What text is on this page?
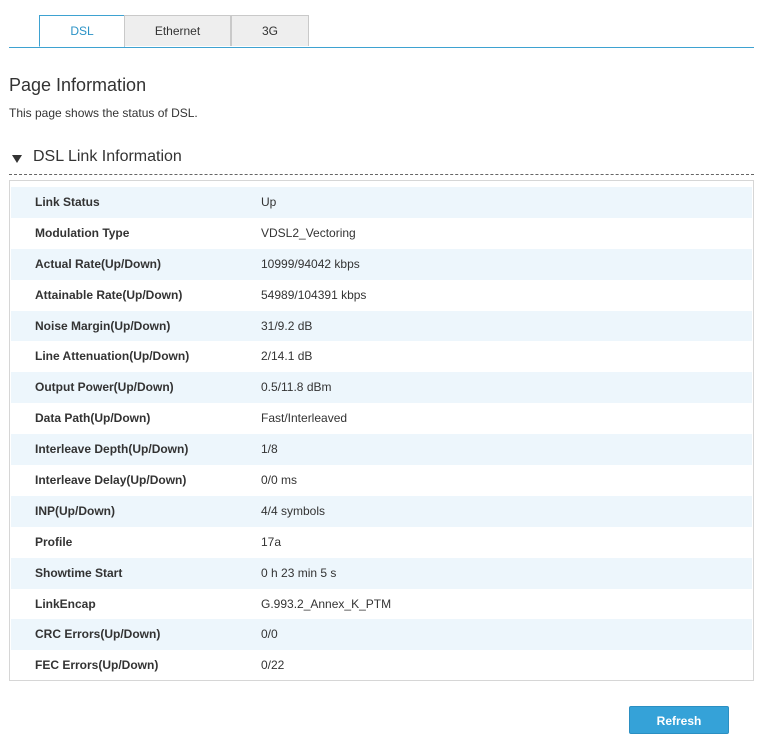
DSL	Ethernet	3G
Page Information
This page shows the status of DSL.
DSL Link Information
Link Status	Up
Modulation Type	VDSL2_Vectoring
Actual Rate(Up/Down)	10999/94042 kbps
Attainable Rate(Up/Down)	54989/104391 kbps
Noise Margin(Up/Down)	31/9.2 dB
Line Attenuation(Up/Down)	2/14.1 dB
Output Power(Up/Down)	0.5/11.8 dBm
Data Path(Up/Down)	Fast/Interleaved
Interleave Depth(Up/Down)	1/8
Interleave Delay(Up/Down)	0/0 ms
INP(Up/Down)	4/4 symbols
Profile	17a
Showtime Start	0 h 23 min 5 s
LinkEncap	G.993.2_Annex_K_PTM
CRC Errors(Up/Down)	0/0
FEC Errors(Up/Down)	0/22
Refresh
